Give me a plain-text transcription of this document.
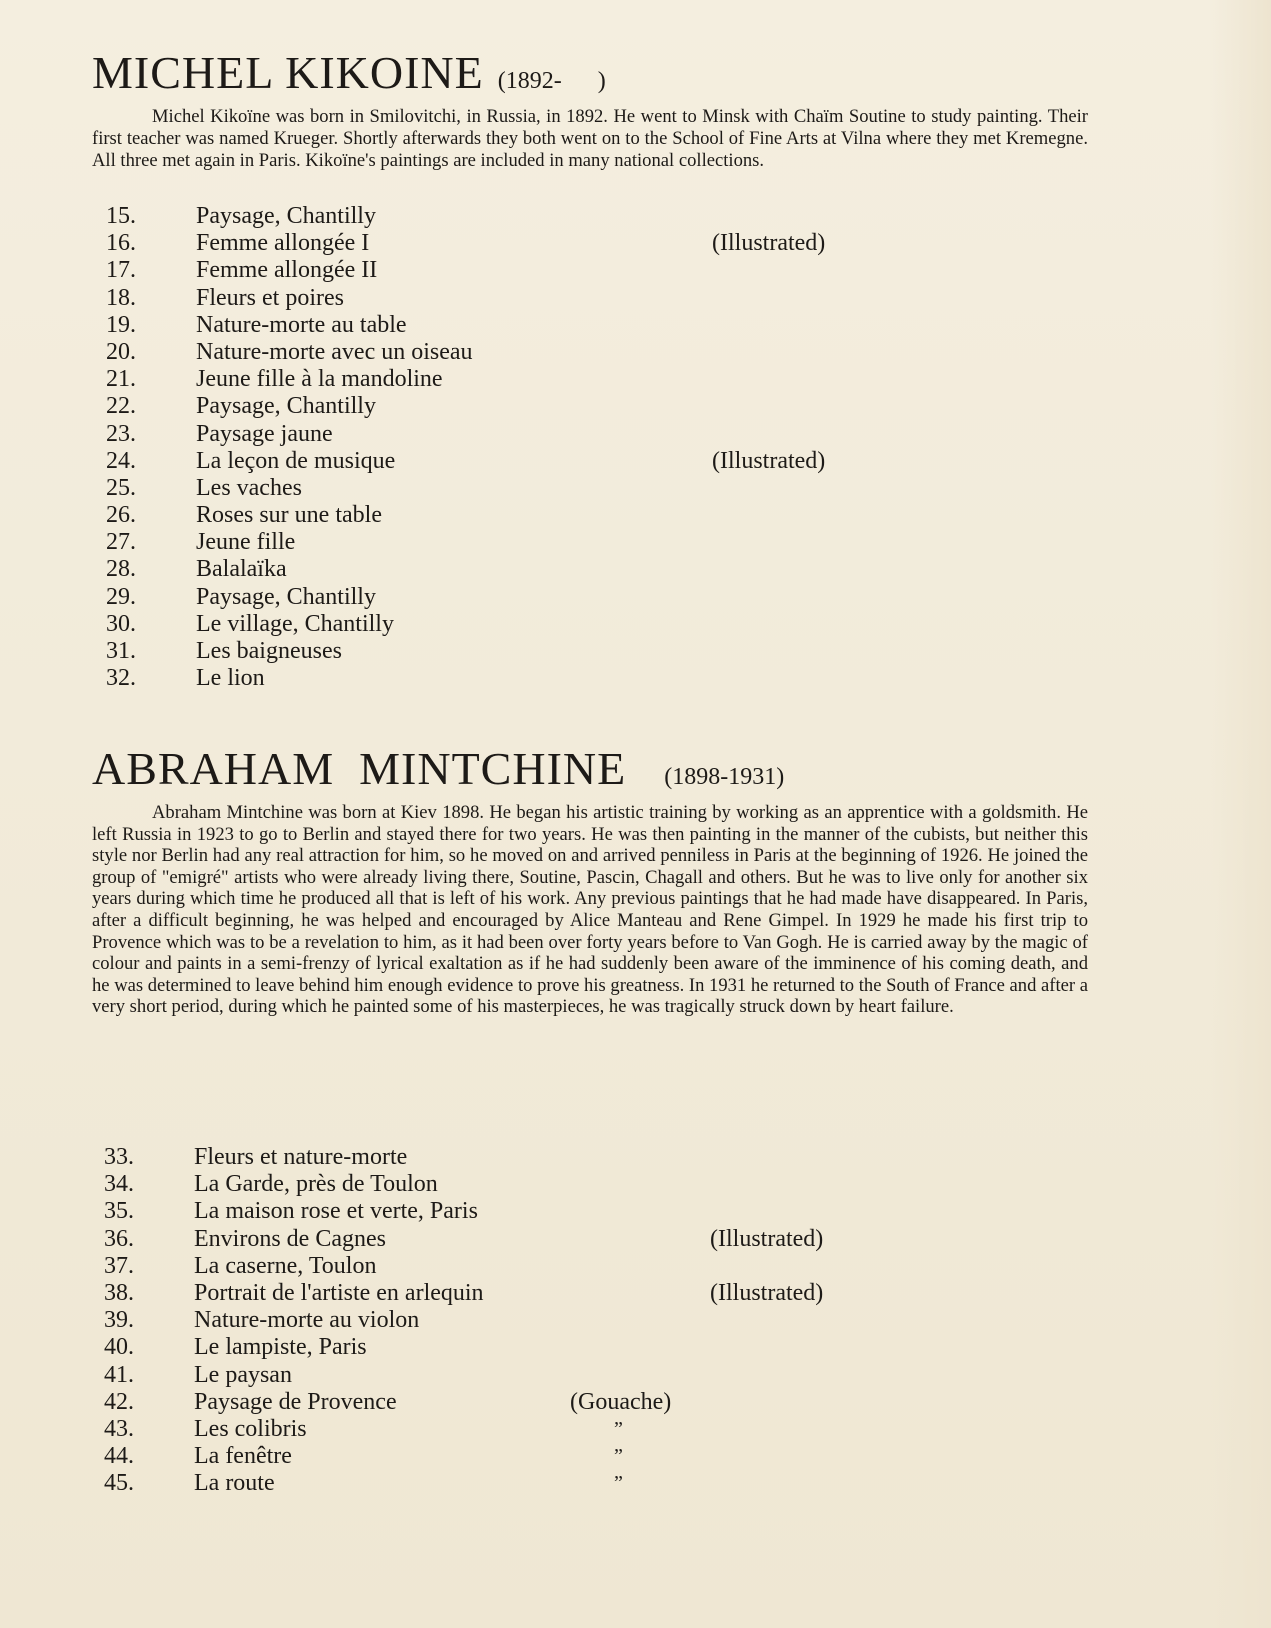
MICHEL KIKOINE (1892-      )
Michel Kikoïne was born in Smilovitchi, in Russia, in 1892. He went to Minsk with Chaïm Soutine to study painting. Their first teacher was named Krueger. Shortly afterwards they both went on to the School of Fine Arts at Vilna where they met Kremegne. All three met again in Paris. Kikoïne's paintings are included in many national collections.
15.	Paysage, Chantilly
16.	Femme allongée I	(Illustrated)
17.	Femme allongée II
18.	Fleurs et poires
19.	Nature-morte au table
20.	Nature-morte avec un oiseau
21.	Jeune fille à la mandoline
22.	Paysage, Chantilly
23.	Paysage jaune
24.	La leçon de musique	(Illustrated)
25.	Les vaches
26.	Roses sur une table
27.	Jeune fille
28.	Balalaïka
29.	Paysage, Chantilly
30.	Le village, Chantilly
31.	Les baigneuses
32.	Le lion
ABRAHAM  MINTCHINE (1898-1931)
Abraham Mintchine was born at Kiev 1898. He began his artistic training by working as an apprentice with a goldsmith. He left Russia in 1923 to go to Berlin and stayed there for two years. He was then painting in the manner of the cubists, but neither this style nor Berlin had any real attraction for him, so he moved on and arrived penniless in Paris at the beginning of 1926. He joined the group of "emigré" artists who were already living there, Soutine, Pascin, Chagall and others. But he was to live only for another six years during which time he produced all that is left of his work. Any previous paintings that he had made have disappeared. In Paris, after a difficult beginning, he was helped and encouraged by Alice Manteau and Rene Gimpel. In 1929 he made his first trip to Provence which was to be a revelation to him, as it had been over forty years before to Van Gogh. He is carried away by the magic of colour and paints in a semi-frenzy of lyrical exaltation as if he had suddenly been aware of the imminence of his coming death, and he was determined to leave behind him enough evidence to prove his greatness. In 1931 he returned to the South of France and after a very short period, during which he painted some of his masterpieces, he was tragically struck down by heart failure.
33.	Fleurs et nature-morte
34.	La Garde, près de Toulon
35.	La maison rose et verte, Paris
36.	Environs de Cagnes	(Illustrated)
37.	La caserne, Toulon
38.	Portrait de l'artiste en arlequin	(Illustrated)
39.	Nature-morte au violon
40.	Le lampiste, Paris
41.	Le paysan
42.	Paysage de Provence	(Gouache)
43.	Les colibris	”
44.	La fenêtre	”
45.	La route	”
